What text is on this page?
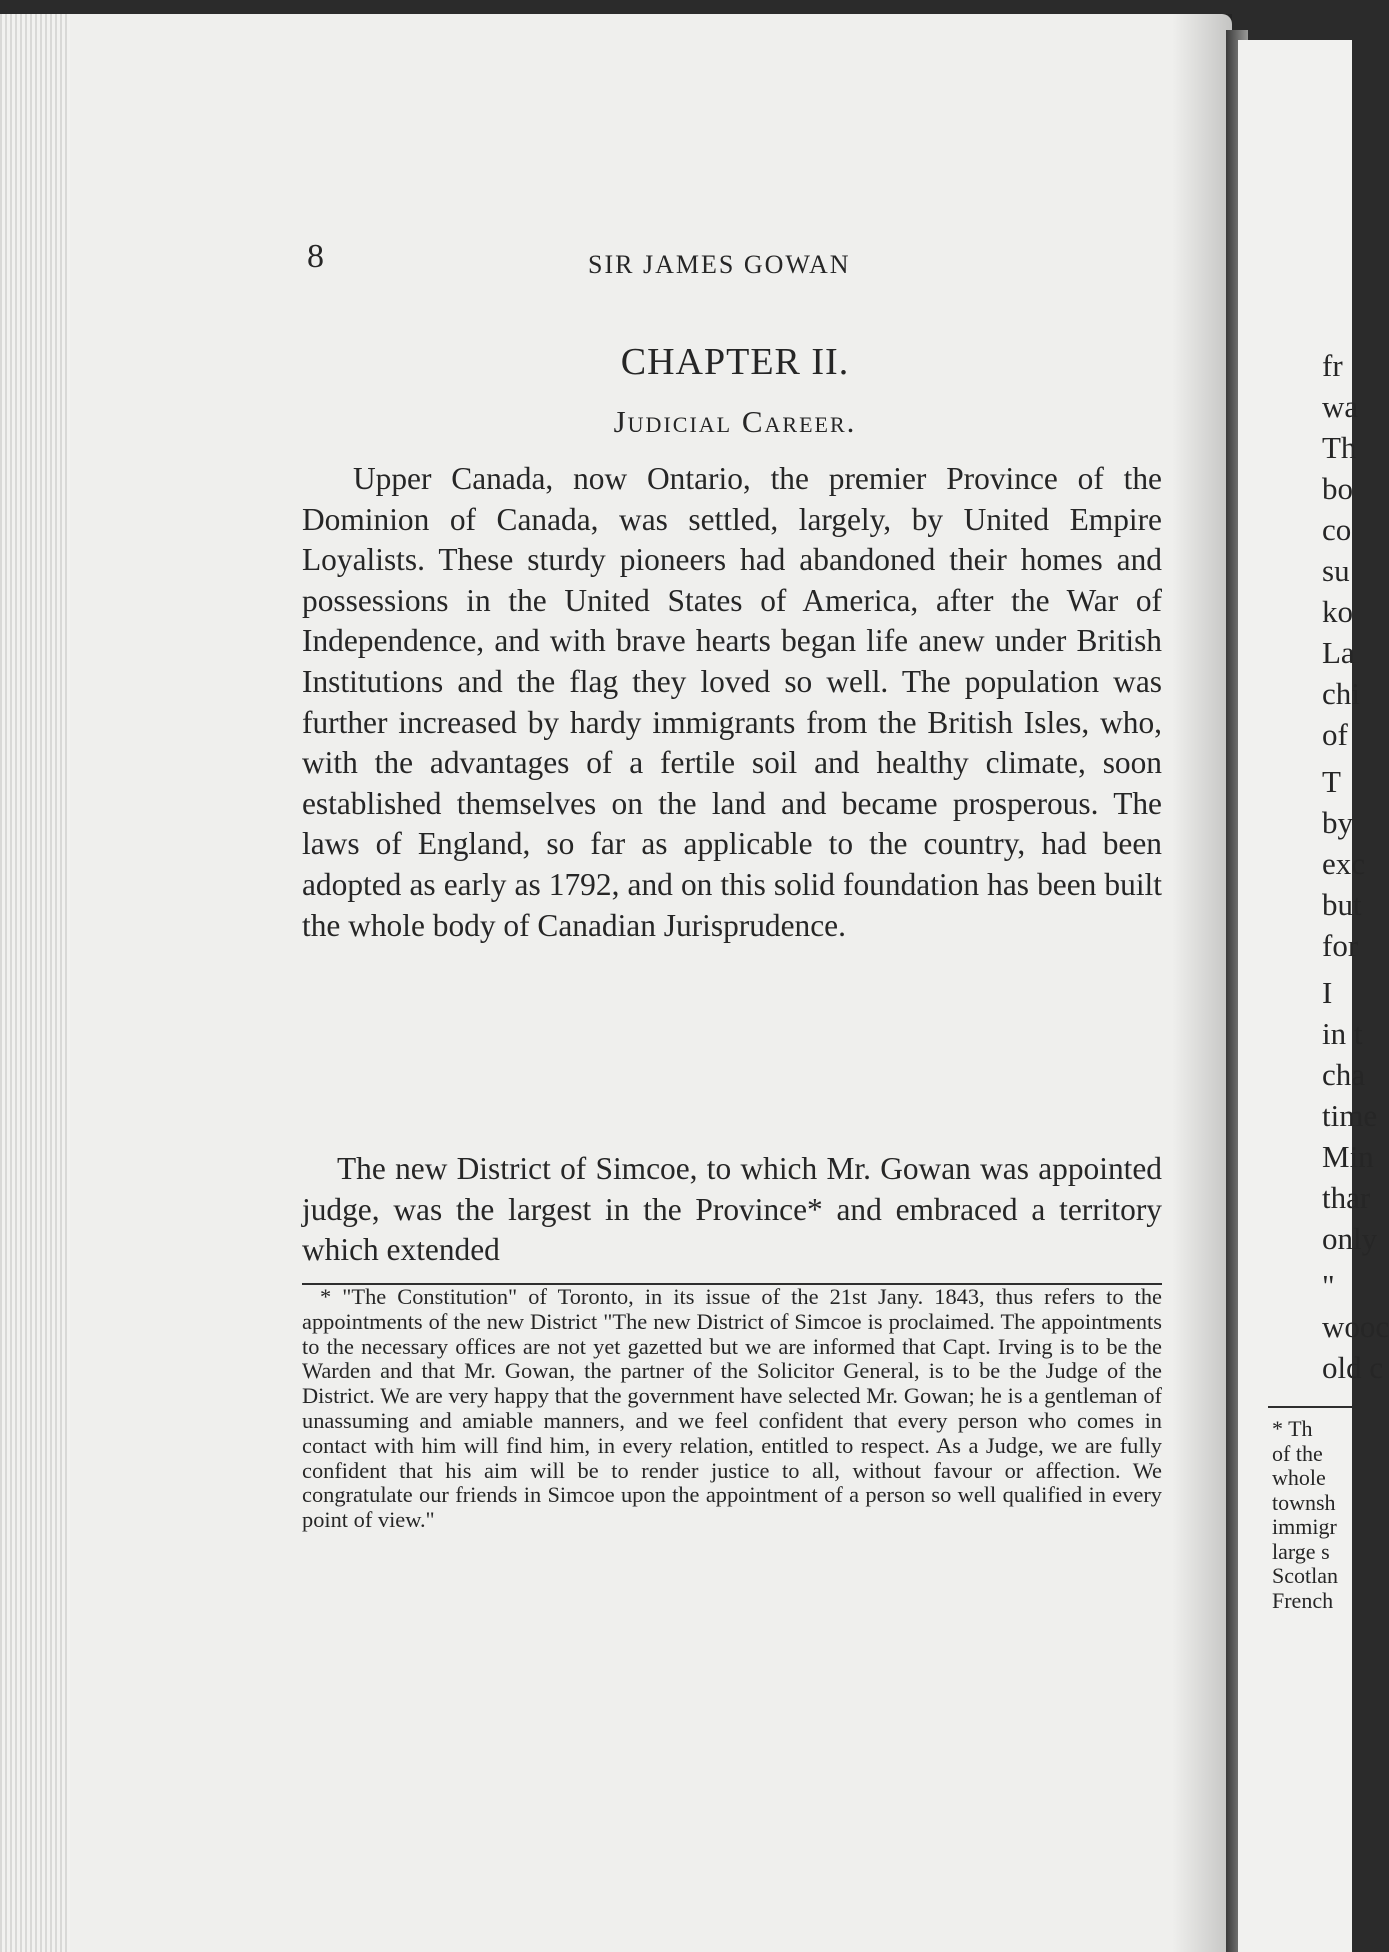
8	SIR JAMES GOWAN
CHAPTER II.
Judicial Career.

Upper Canada, now Ontario, the premier Province of the Dominion of Canada, was settled, largely, by United Empire Loyalists. These sturdy pioneers had abandoned their homes and possessions in the United States of America, after the War of Independence, and with brave hearts began life anew under British Institutions and the flag they loved so well. The population was further increased by hardy immigrants from the British Isles, who, with the advantages of a fertile soil and healthy climate, soon established themselves on the land and became prosperous. The laws of England, so far as applicable to the country, had been adopted as early as 1792, and on this solid foundation has been built the whole body of Canadian Jurisprudence.

The new District of Simcoe, to which Mr. Gowan was appointed judge, was the largest in the Province* and embraced a territory which extended

* "The Constitution" of Toronto, in its issue of the 21st Jany. 1843, thus refers to the appointments of the new District "The new District of Simcoe is proclaimed. The appointments to the necessary offices are not yet gazetted but we are informed that Capt. Irving is to be the Warden and that Mr. Gowan, the partner of the Solicitor General, is to be the Judge of the District. We are very happy that the government have selected Mr. Gowan; he is a gentleman of unassuming and amiable manners, and we feel confident that every person who comes in contact with him will find him, in every relation, entitled to respect. As a Judge, we are fully confident that his aim will be to render justice to all, without favour or affection. We congratulate our friends in Simcoe upon the appointment of a person so well qualified in every point of view."

fr
wa
Th
bo
co
su
ko
La
chi
of
T
by
exc
but
for
I
in t
cha
time
Min
thar
only
"
wooc
old c
* Th
of the
whole
townsh
immigr
large s
Scotlan
French
